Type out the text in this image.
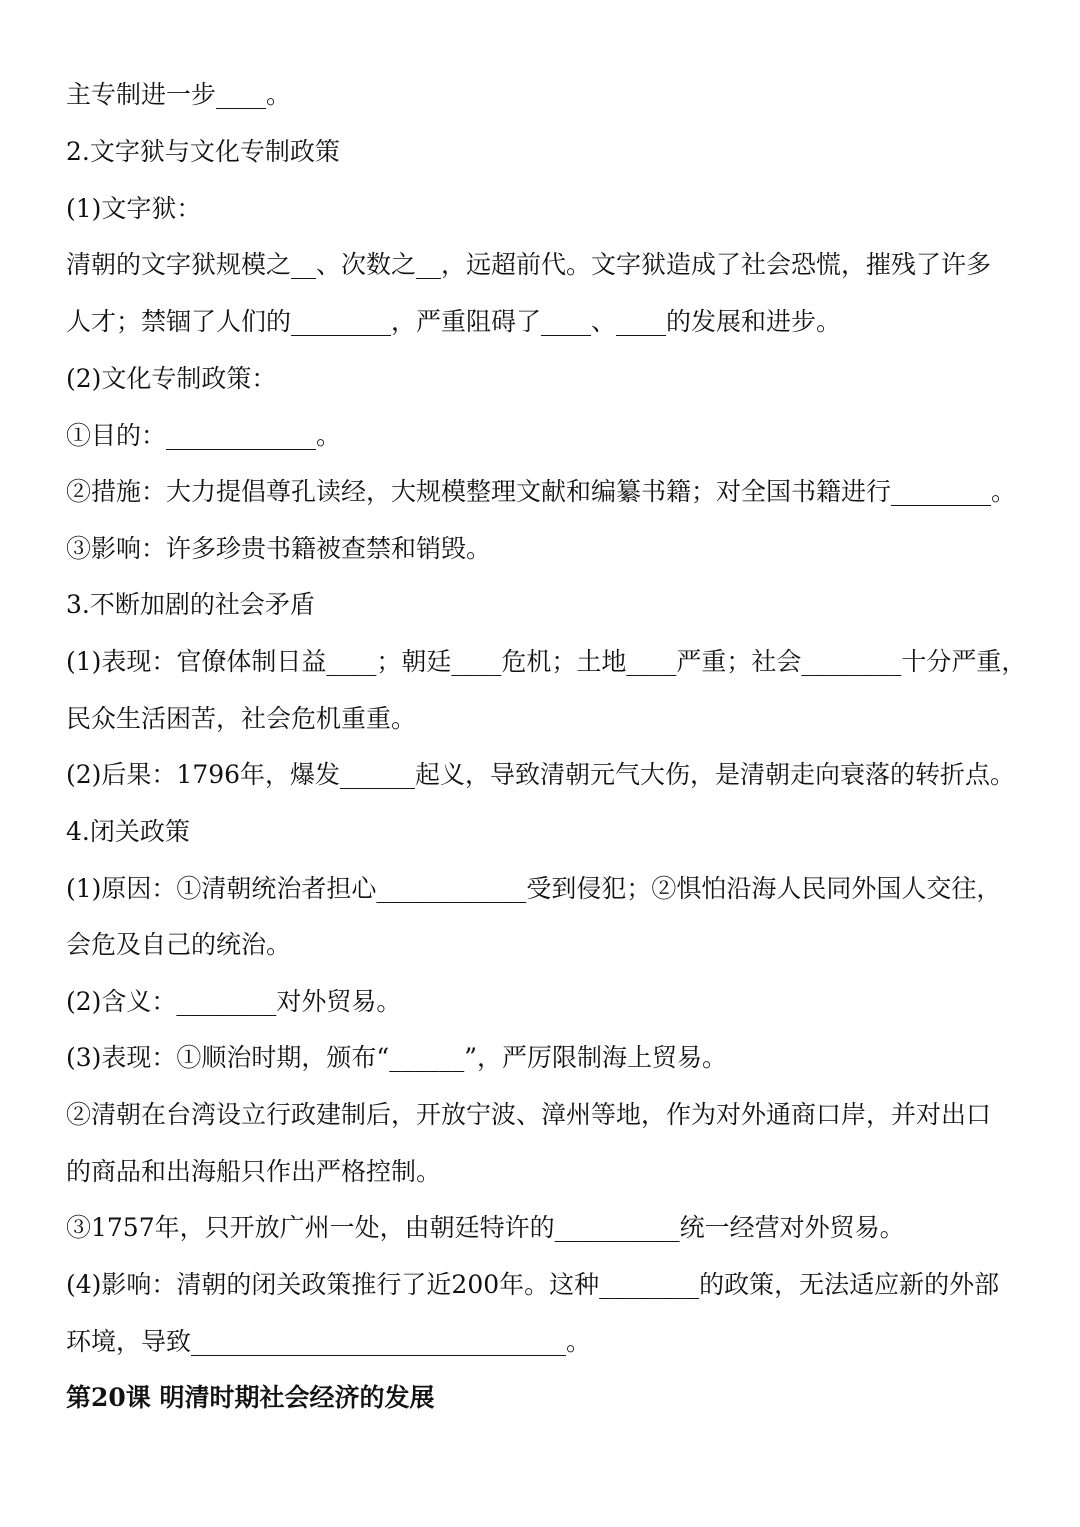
主专制进一步____。
2.文字狱与文化专制政策
(1)文字狱：
清朝的文字狱规模之__、次数之__，远超前代。文字狱造成了社会恐慌，摧残了许多
人才；禁锢了人们的________，严重阻碍了____、____的发展和进步。
(2)文化专制政策：
①目的：____________。
②措施：大力提倡尊孔读经，大规模整理文献和编纂书籍；对全国书籍进行________。
③影响：许多珍贵书籍被查禁和销毁。
3.不断加剧的社会矛盾
(1)表现：官僚体制日益____；朝廷____危机；土地____严重；社会________十分严重，
民众生活困苦，社会危机重重。
(2)后果：1796年，爆发______起义，导致清朝元气大伤，是清朝走向衰落的转折点。
4.闭关政策
(1)原因：①清朝统治者担心____________受到侵犯；②惧怕沿海人民同外国人交往，
会危及自己的统治。
(2)含义：________对外贸易。
(3)表现：①顺治时期，颁布“______”，严厉限制海上贸易。
②清朝在台湾设立行政建制后，开放宁波、漳州等地，作为对外通商口岸，并对出口
的商品和出海船只作出严格控制。
③1757年，只开放广州一处，由朝廷特许的__________统一经营对外贸易。
(4)影响：清朝的闭关政策推行了近200年。这种________的政策，无法适应新的外部
环境，导致______________________________。
第20课 明清时期社会经济的发展
